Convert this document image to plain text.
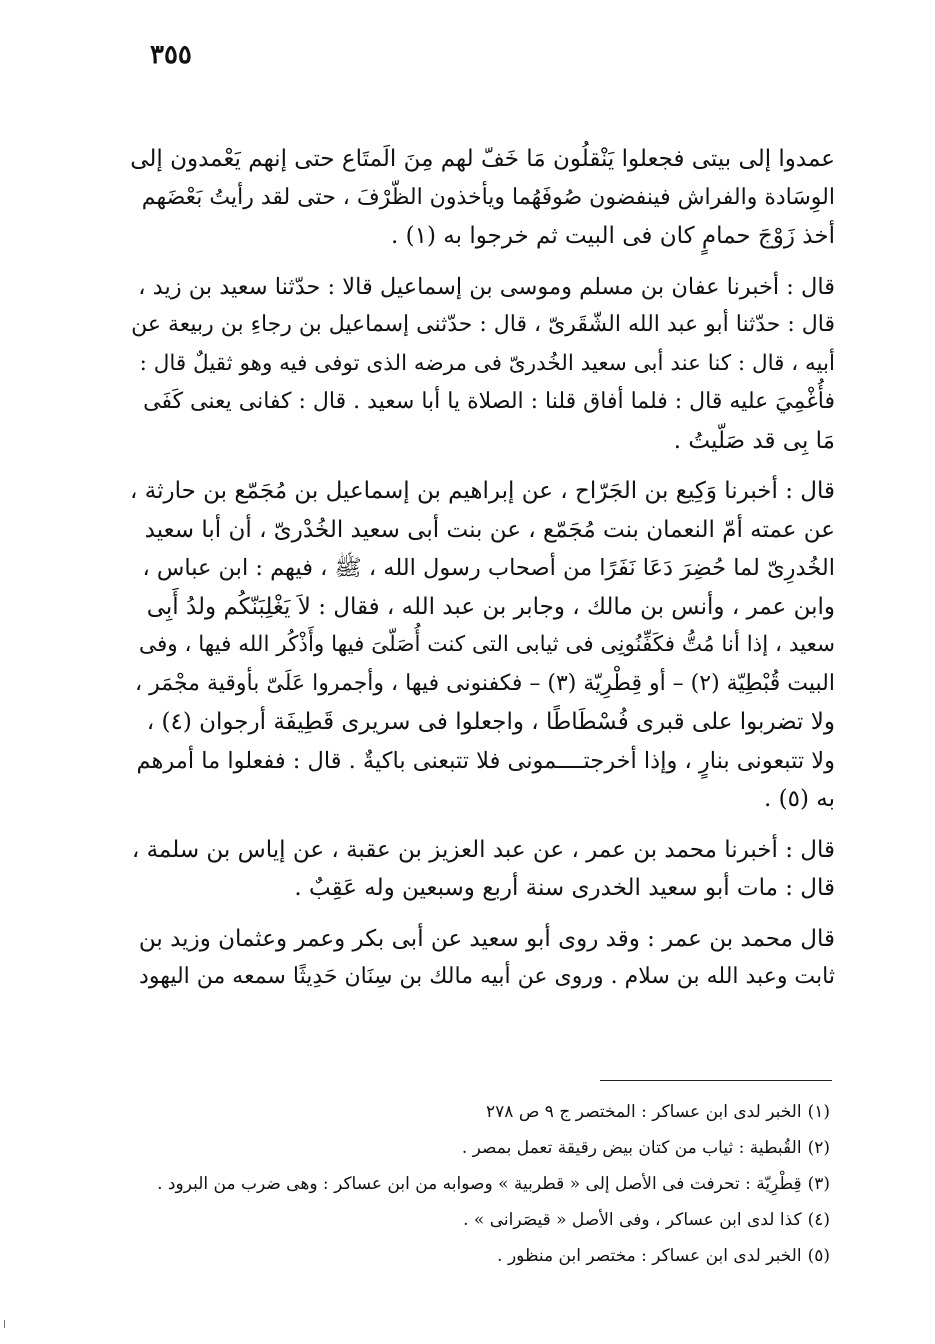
٣٥٥

عمدوا إلى بيتى فجعلوا يَنْقلُون مَا خَفّ لهم مِنَ الَمتَاع حتى إنهم يَعْمدون إلى
الوِسَادة والفراش فينفضون صُوفَهُما ويأخذون الظّرْفَ ، حتى لقد رأيتُ بَعْضَهم
أخذ زَوْجَ حمامٍ كان فى البيت ثم خرجوا به (١) .

قال : أخبرنا عفان بن مسلم وموسى بن إسماعيل قالا : حدّثنا سعيد بن زيد ،
قال : حدّثنا أبو عبد الله الشّقَرىّ ، قال : حدّثنى إسماعيل بن رجاءِ بن ربيعة عن
أبيه ، قال : كنا عند أبى سعيد الخُدرىّ فى مرضه الذى توفى فيه وهو ثقيلٌ قال :
فأُغْمِيَ عليه قال : فلما أفاق قلنا : الصلاة يا أبا سعيد . قال : كفانى يعنى كَفَى
مَا بِى قد صَلّيتُ .

قال : أخبرنا وَكِيع بن الجَرّاح ، عن إبراهيم بن إسماعيل بن مُجَمّع بن حارثة ،
عن عمته أمّ النعمان بنت مُجَمّع ، عن بنت أبى سعيد الخُدْرىّ ، أن أبا سعيد
الخُدرِىّ لما حُضِرَ دَعَا نَفَرًا من أصحاب رسول الله ، ﷺ ، فيهم : ابن عباس ،
وابن عمر ، وأنس بن مالك ، وجابر بن عبد الله ، فقال : لاَ يَغْلِبَنّكُم ولدُ أَبِى
سعيد ، إذا أنا مُتُّ فكَفِّنُونِى فى ثيابى التى كنت أُصَلّىَ فيها وأَذْكُر الله فيها ، وفى
البيت قُبْطِيّة (٢) – أو قِطْرِيّة (٣) – فكفنونى فيها ، وأجمروا عَلَىّ بأوقية مجْمَر ،
ولا تضربوا على قبرى فُسْطَاطًا ، واجعلوا فى سريرى قَطِيفَة أرجوان (٤) ،
ولا تتبعونى بنارٍ ، وإذا أخرجتــــمونى فلا تتبعنى باكيةٌ . قال : ففعلوا ما أمرهم
به (٥) .

قال : أخبرنا محمد بن عمر ، عن عبد العزيز بن عقبة ، عن إياس بن سلمة ،
قال : مات أبو سعيد الخدرى سنة أربع وسبعين وله عَقِبٌ .

قال محمد بن عمر : وقد روى أبو سعيد عن أبى بكر وعمر وعثمان وزيد بن
ثابت وعبد الله بن سلام . وروى عن أبيه مالك بن سِنَان حَدِيثًا سمعه من اليهود

(١)الخبر لدى ابن عساكر : المختصر ج ٩ ص ٢٧٨
(٢)القُبطية : ثياب من كتان بيض رقيقة تعمل بمصر .
(٣)قِطْرِيّة : تحرفت فى الأصل إلى « قطربية » وصوابه من ابن عساكر : وهى ضرب من البرود .
(٤)كذا لدى ابن عساكر ، وفى الأصل « قيصَرانى » .
(٥)الخبر لدى ابن عساكر : مختصر ابن منظور .
